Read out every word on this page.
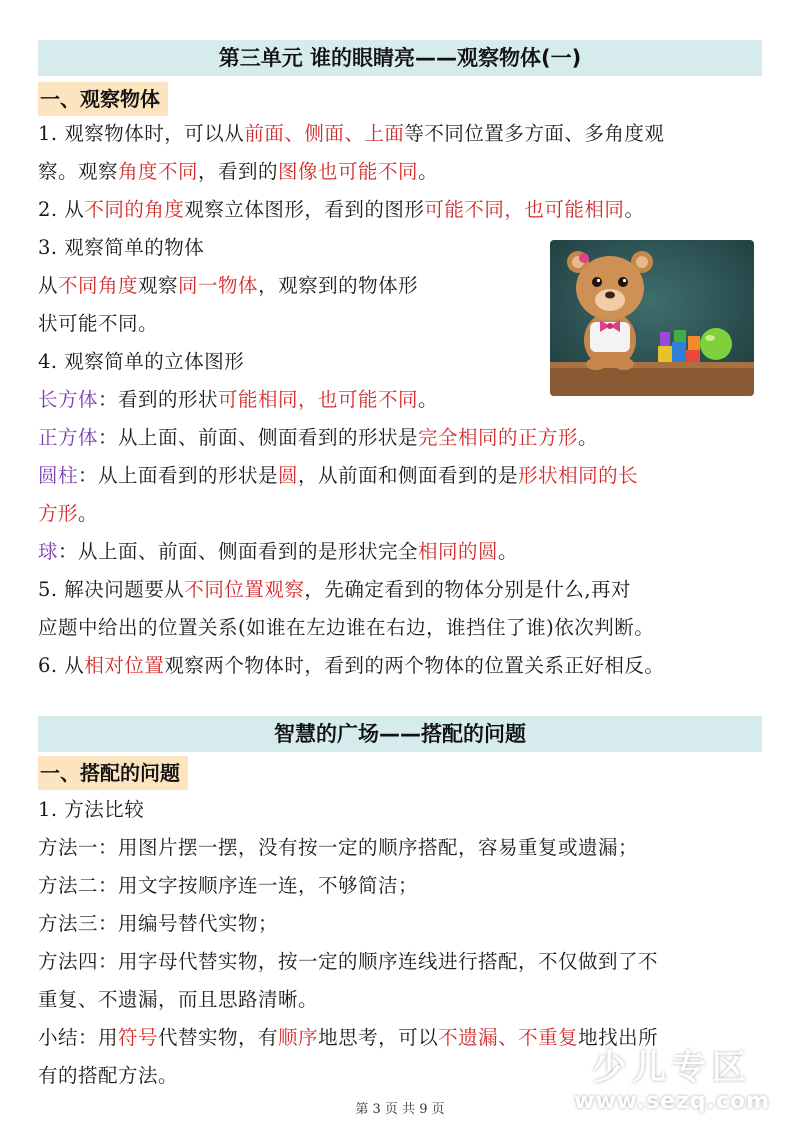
第三单元 谁的眼睛亮——观察物体(一)
一、观察物体
1. 观察物体时，可以从前面、侧面、上面等不同位置多方面、多角度观
察。观察角度不同，看到的图像也可能不同。
2. 从不同的角度观察立体图形，看到的图形可能不同，也可能相同。
3. 观察简单的物体
从不同角度观察同一物体，观察到的物体形
状可能不同。
4. 观察简单的立体图形
长方体：看到的形状可能相同，也可能不同。
正方体：从上面、前面、侧面看到的形状是完全相同的正方形。
圆柱：从上面看到的形状是圆，从前面和侧面看到的是形状相同的长
方形。
球：从上面、前面、侧面看到的是形状完全相同的圆。
5. 解决问题要从不同位置观察，先确定看到的物体分别是什么,再对
应题中给出的位置关系(如谁在左边谁在右边，谁挡住了谁)依次判断。
6. 从相对位置观察两个物体时，看到的两个物体的位置关系正好相反。
智慧的广场——搭配的问题
一、搭配的问题
1. 方法比较
方法一：用图片摆一摆，没有按一定的顺序搭配，容易重复或遗漏；
方法二：用文字按顺序连一连，不够简洁；
方法三：用编号替代实物；
方法四：用字母代替实物，按一定的顺序连线进行搭配，不仅做到了不
重复、不遗漏，而且思路清晰。
小结：用符号代替实物，有顺序地思考，可以不遗漏、不重复地找出所
有的搭配方法。	少儿专区
www.sezq.com
第 3 页 共 9 页
